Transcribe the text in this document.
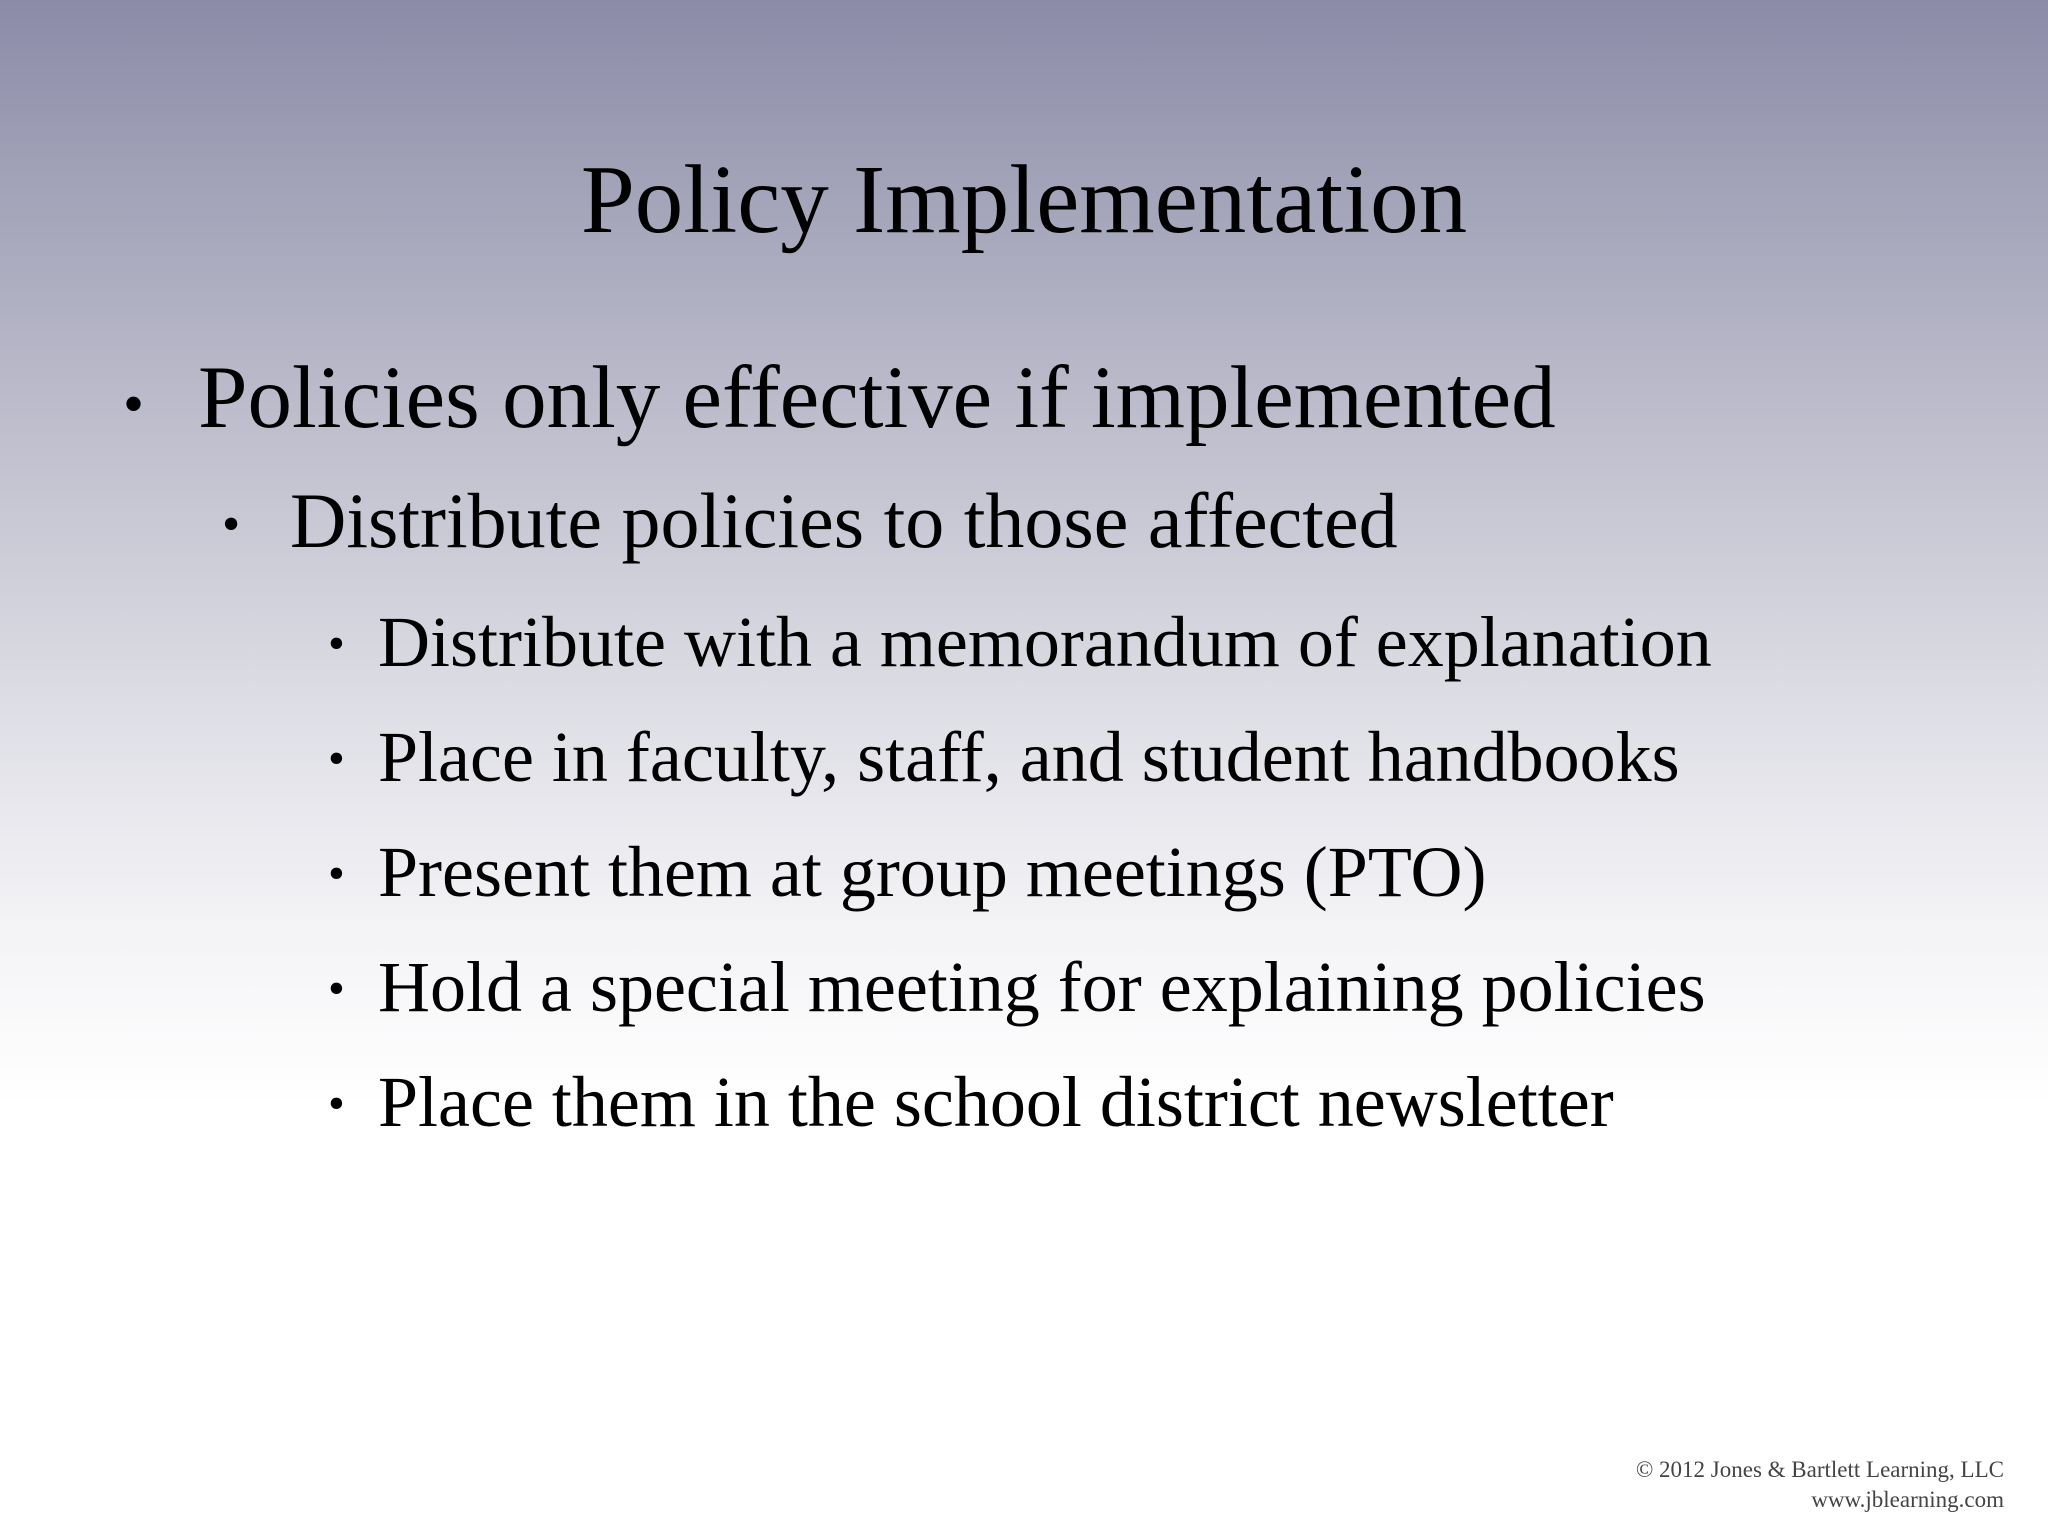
Policy Implementation
• Policies only effective if implemented
• Distribute policies to those affected
• Distribute with a memorandum of explanation
• Place in faculty, staff, and student handbooks
• Present them at group meetings (PTO)
• Hold a special meeting for explaining policies
• Place them in the school district newsletter
© 2012 Jones & Bartlett Learning, LLC
www.jblearning.com
